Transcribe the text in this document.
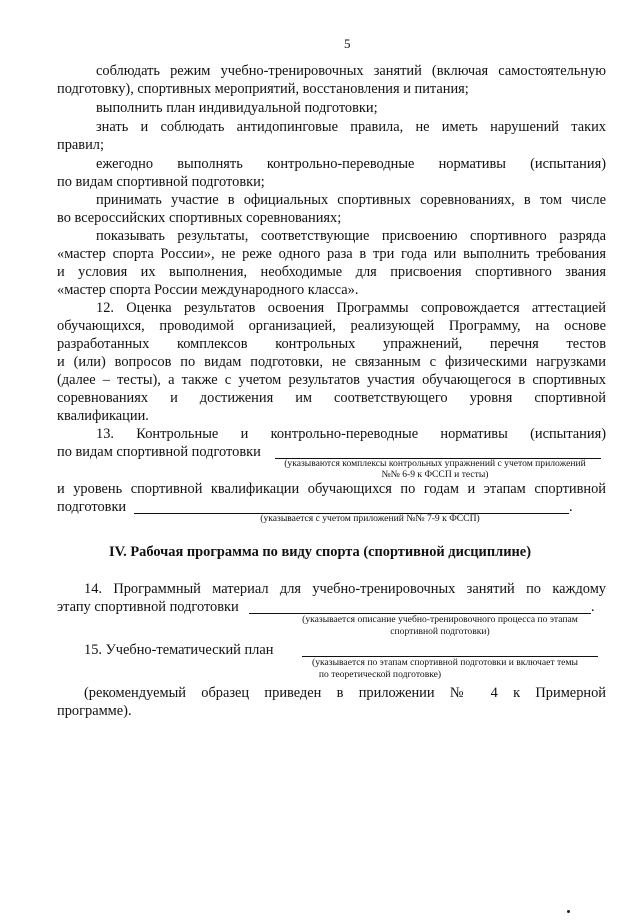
5
соблюдать режим учебно-тренировочных занятий (включая самостоятельную
подготовку), спортивных мероприятий, восстановления и питания;
выполнить план индивидуальной подготовки;
знать и соблюдать антидопинговые правила, не иметь нарушений таких
правил;
ежегодно выполнять контрольно-переводные нормативы (испытания)
по видам спортивной подготовки;
принимать участие в официальных спортивных соревнованиях, в том числе
во всероссийских спортивных соревнованиях;
показывать результаты, соответствующие присвоению спортивного разряда
«мастер спорта России», не реже одного раза в три года или выполнить требования
и условия их выполнения, необходимые для присвоения спортивного звания
«мастер спорта России международного класса».
12. Оценка результатов освоения Программы сопровождается аттестацией
обучающихся, проводимой организацией, реализующей Программу, на основе
разработанных комплексов контрольных упражнений, перечня тестов
и (или) вопросов по видам подготовки, не связанным с физическими нагрузками
(далее – тесты), а также с учетом результатов участия обучающегося в спортивных
соревнованиях и достижения им соответствующего уровня спортивной
квалификации.
13. Контрольные и контрольно-переводные нормативы (испытания)
по видам спортивной подготовки
(указываются комплексы контрольных упражнений с учетом приложений
№№ 6-9 к ФССП и тесты)
и уровень спортивной квалификации обучающихся по годам и этапам спортивной
подготовки	.
(указывается с учетом приложений №№ 7-9 к ФССП)
IV. Рабочая программа по виду спорта (спортивной дисциплине)
14. Программный материал для учебно-тренировочных занятий по каждому
этапу спортивной подготовки	.
(указывается описание учебно-тренировочного процесса по этапам
спортивной подготовки)
15. Учебно-тематический план
(указывается по этапам спортивной подготовки и включает темы
по теоретической подготовке)
(рекомендуемый образец приведен в приложении № 4 к Примерной
программе).
